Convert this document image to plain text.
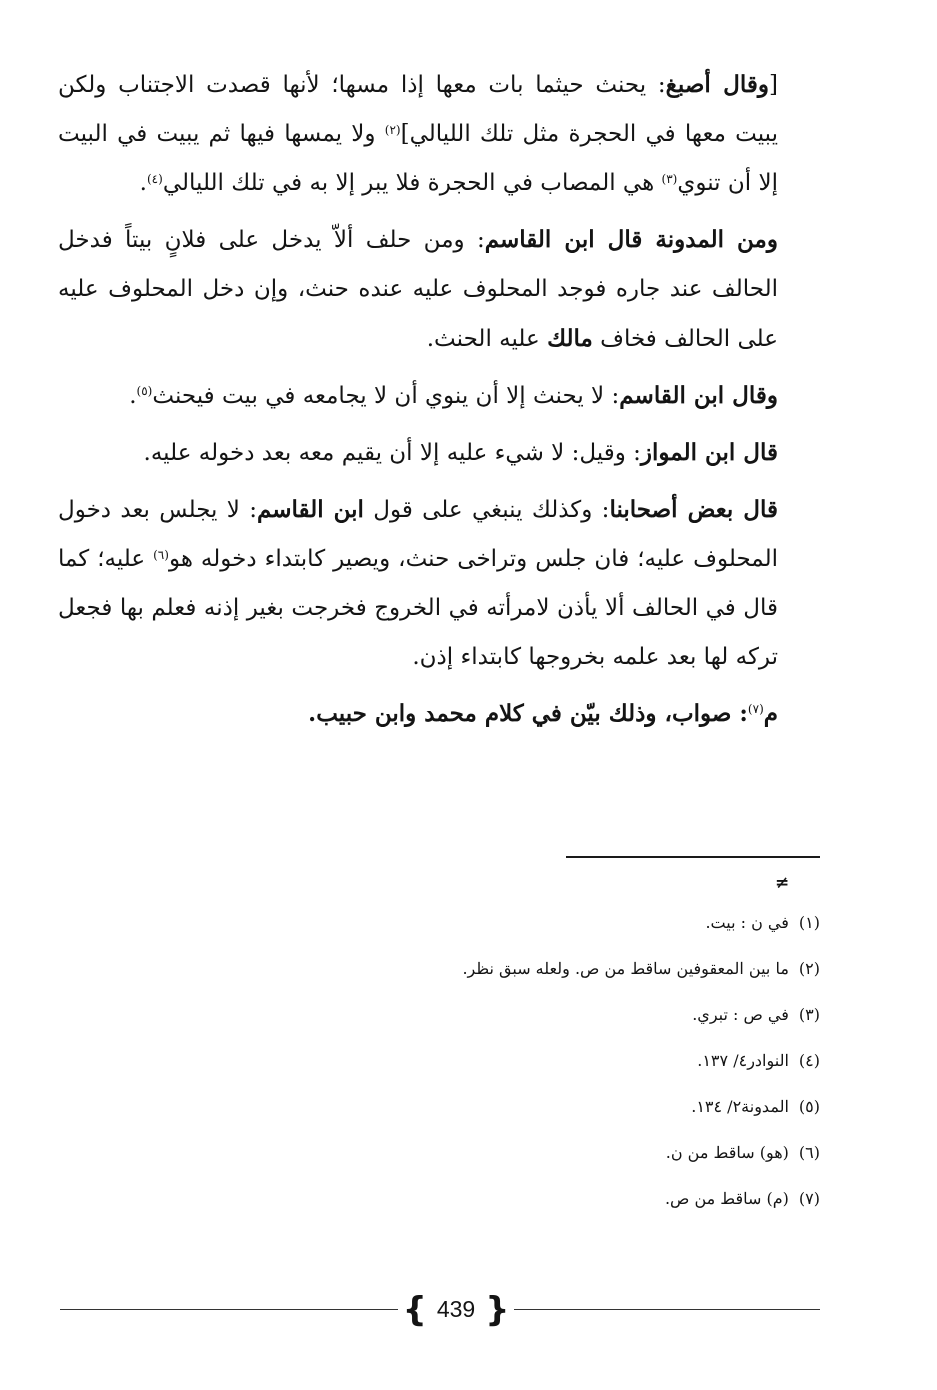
[وقال أصبغ: يحنث حيثما بات معها إذا مسها؛ لأنها قصدت الاجتناب ولكن يبيت معها في الحجرة مثل تلك الليالي]$^{(٢)}$ ولا يمسها فيها ثم يبيت في البيت إلا أن تنوي$^{(٣)}$ هي المصاب في الحجرة فلا يبر إلا به في تلك الليالي$^{(٤)}$.

ومن المدونة قال ابن القاسم: ومن حلف ألاّ يدخل على فلانٍ بيتاً فدخل الحالف عند جاره فوجد المحلوف عليه عنده حنث، وإن دخل المحلوف عليه على الحالف فخاف مالك عليه الحنث.

وقال ابن القاسم: لا يحنث إلا أن ينوي أن لا يجامعه في بيت فيحنث$^{(٥)}$.

قال ابن المواز: وقيل: لا شيء عليه إلا أن يقيم معه بعد دخوله عليه.

قال بعض أصحابنا: وكذلك ينبغي على قول ابن القاسم: لا يجلس بعد دخول المحلوف عليه؛ فان جلس وتراخى حنث، ويصير كابتداء دخوله هو$^{(٦)}$ عليه؛ كما قال في الحالف ألا يأذن لامرأته في الخروج فخرجت بغير إذنه فعلم بها فجعل تركه لها بعد علمه بخروجها كابتداء إذن.

م$^{(٧)}$: صواب، وذلك بيّن في كلام محمد وابن حبيب.

≠
(١)في ن : بيت.
(٢)ما بين المعقوفين ساقط من ص. ولعله سبق نظر.
(٣)في ص : تبري.
(٤)النوادر٤/ ١٣٧.
(٥)المدونة٢/ ١٣٤.
(٦)(هو) ساقط من ن.
(٧)(م) ساقط من ص.
{ 439 }
